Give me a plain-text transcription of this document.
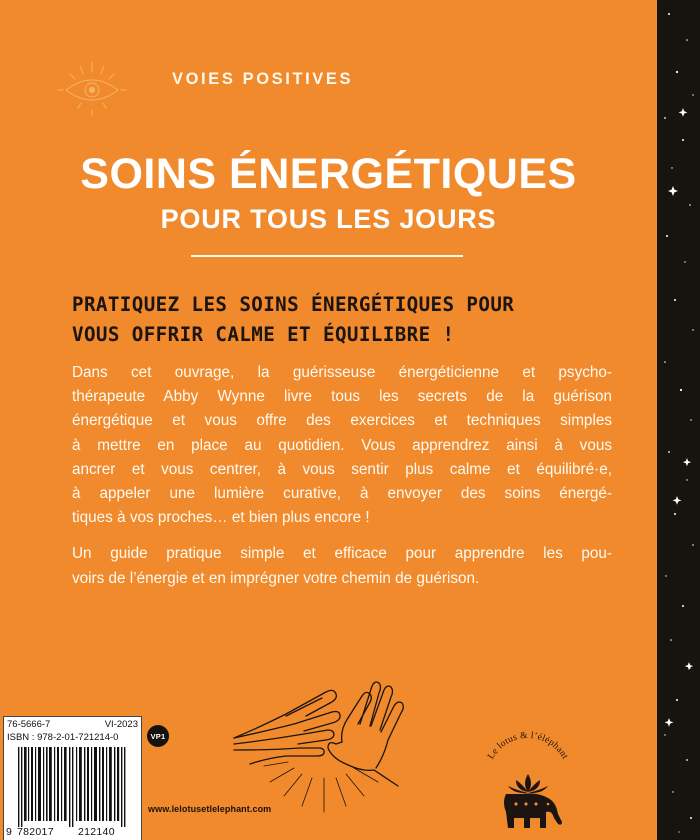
VOIES POSITIVES
SOINS ÉNERGÉTIQUES
POUR TOUS LES JOURS
PRATIQUEZ LES SOINS ÉNERGÉTIQUES POUR
VOUS OFFRIR CALME ET ÉQUILIBRE !
Dans cet ouvrage, la guérisseuse énergéticienne et psycho-
thérapeute Abby Wynne livre tous les secrets de la guérison
énergétique et vous offre des exercices et techniques simples
à mettre en place au quotidien. Vous apprendrez ainsi à vous
ancrer et vous centrer, à vous sentir plus calme et équilibré·e,
à appeler une lumière curative, à envoyer des soins énergé-
tiques à vos proches… et bien plus encore !
Un guide pratique simple et efficace pour apprendre les pou-
voirs de l’énergie et en imprégner votre chemin de guérison.
76-5666-7	VI-2023
ISBN : 978-2-01-721214-0
9 782017 212140
VP1
www.lelotusetlelephant.com
Le lotus & l’éléphant
